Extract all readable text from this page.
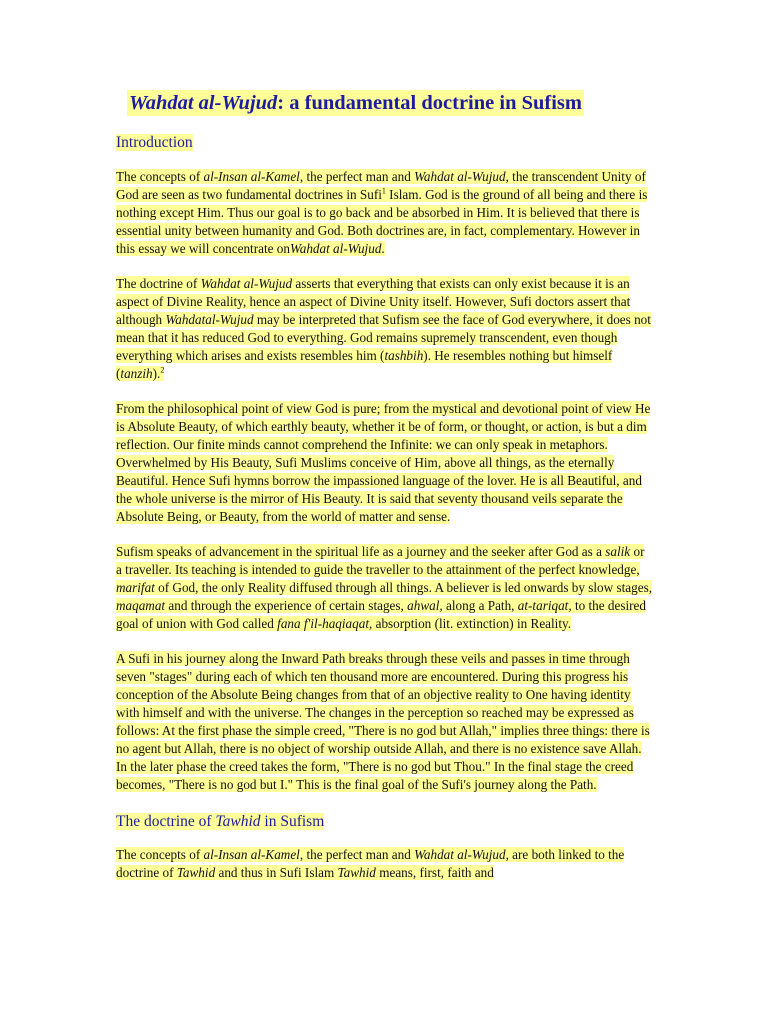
Wahdat al-Wujud: a fundamental doctrine in Sufism
Introduction

The concepts of al-Insan al-Kamel, the perfect man and Wahdat al-Wujud, the transcendent Unity of God are seen as two fundamental doctrines in Sufi$^1$ Islam. God is the ground of all being and there is nothing except Him. Thus our goal is to go back and be absorbed in Him. It is believed that there is essential unity between humanity and God. Both doctrines are, in fact, complementary. However in this essay we will concentrate onWahdat al-Wujud.

The doctrine of Wahdat al-Wujud asserts that everything that exists can only exist because it is an aspect of Divine Reality, hence an aspect of Divine Unity itself. However, Sufi doctors assert that although Wahdatal-Wujud may be interpreted that Sufism see the face of God everywhere, it does not mean that it has reduced God to everything. God remains supremely transcendent, even though everything which arises and exists resembles him (tashbih). He resembles nothing but himself (tanzih).$^2$

From the philosophical point of view God is pure; from the mystical and devotional point of view He is Absolute Beauty, of which earthly beauty, whether it be of form, or thought, or action, is but a dim reflection. Our finite minds cannot comprehend the Infinite: we can only speak in metaphors. Overwhelmed by His Beauty, Sufi Muslims conceive of Him, above all things, as the eternally Beautiful. Hence Sufi hymns borrow the impassioned language of the lover. He is all Beautiful, and the whole universe is the mirror of His Beauty. It is said that seventy thousand veils separate the Absolute Being, or Beauty, from the world of matter and sense.

Sufism speaks of advancement in the spiritual life as a journey and the seeker after God as a salik or a traveller. Its teaching is intended to guide the traveller to the attainment of the perfect knowledge, marifat of God, the only Reality diffused through all things. A believer is led onwards by slow stages, maqamat and through the experience of certain stages, ahwal, along a Path, at-tariqat, to the desired goal of union with God called fana f'il-haqiaqat, absorption (lit. extinction) in Reality.

A Sufi in his journey along the Inward Path breaks through these veils and passes in time through seven "stages" during each of which ten thousand more are encountered. During this progress his conception of the Absolute Being changes from that of an objective reality to One having identity with himself and with the universe. The changes in the perception so reached may be expressed as follows: At the first phase the simple creed, "There is no god but Allah," implies three things: there is no agent but Allah, there is no object of worship outside Allah, and there is no existence save Allah. In the later phase the creed takes the form, "There is no god but Thou." In the final stage the creed becomes, "There is no god but I." This is the final goal of the Sufi's journey along the Path.

The doctrine of Tawhid in Sufism

The concepts of al-Insan al-Kamel, the perfect man and Wahdat al-Wujud, are both linked to the doctrine of Tawhid and thus in Sufi Islam Tawhid means, first, faith and
